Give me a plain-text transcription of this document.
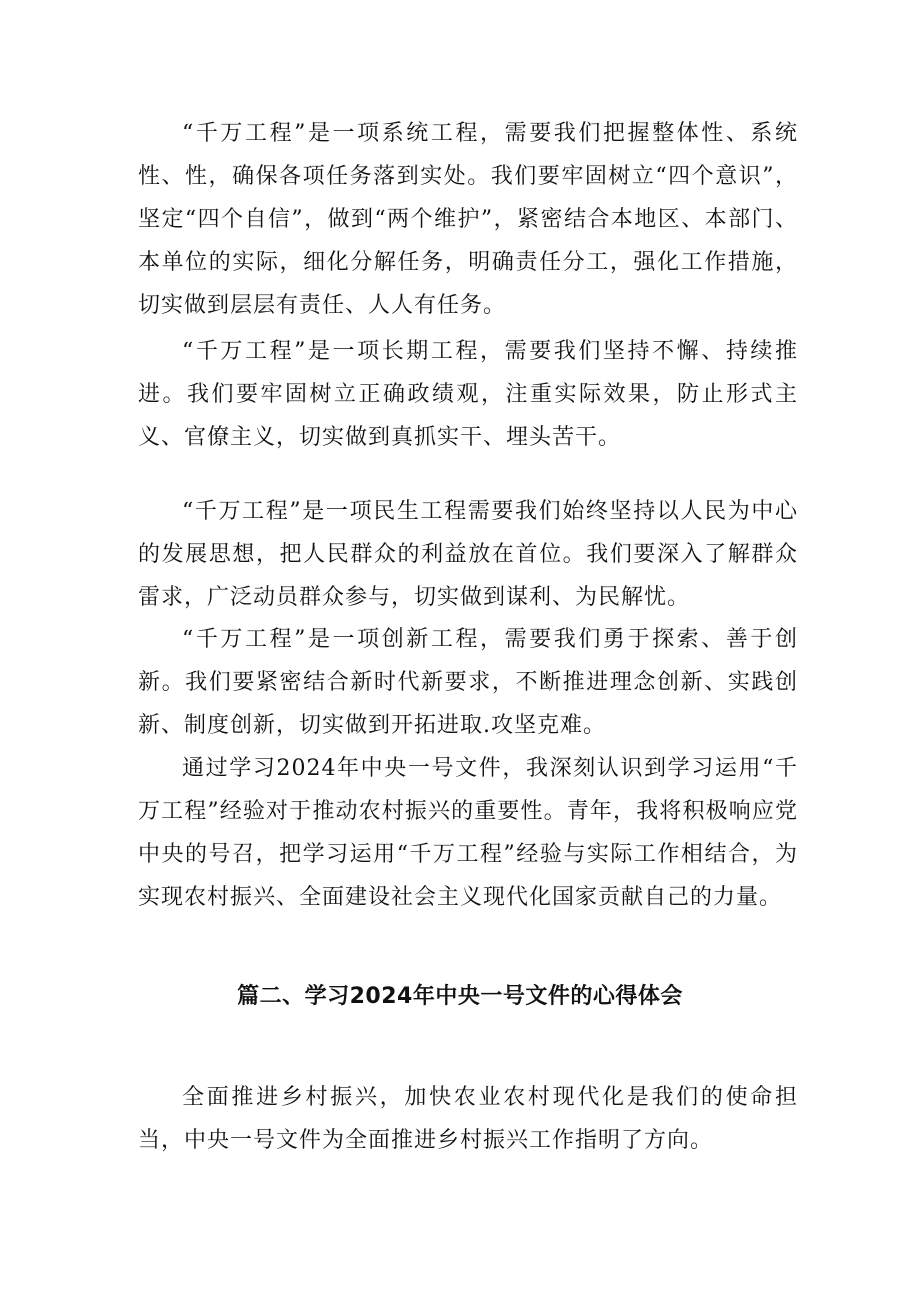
“千万工程”是一项系统工程，需要我们把握整体性、系统性、性，确保各项任务落到实处。我们要牢固树立“四个意识”，坚定“四个自信”，做到“两个维护”，紧密结合本地区、本部门、本单位的实际，细化分解任务，明确责任分工，强化工作措施，切实做到层层有责任、人人有任务。

“千万工程”是一项长期工程，需要我们坚持不懈、持续推进。我们要牢固树立正确政绩观，注重实际效果，防止形式主义、官僚主义，切实做到真抓实干、埋头苦干。

“千万工程”是一项民生工程需要我们始终坚持以人民为中心的发展思想，把人民群众的利益放在首位。我们要深入了解群众雷求，广泛动员群众参与，切实做到谋利、为民解忧。

“千万工程”是一项创新工程，需要我们勇于探索、善于创新。我们要紧密结合新时代新要求，不断推进理念创新、实践创新、制度创新，切实做到开拓进取.攻坚克难。

通过学习2024年中央一号文件，我深刻认识到学习运用“千万工程”经验对于推动农村振兴的重要性。青年，我将积极响应党中央的号召，把学习运用“千万工程”经验与实际工作相结合，为实现农村振兴、全面建设社会主义现代化国家贡献自己的力量。

篇二、学习2024年中央一号文件的心得体会

全面推进乡村振兴，加快农业农村现代化是我们的使命担当，中央一号文件为全面推进乡村振兴工作指明了方向。
